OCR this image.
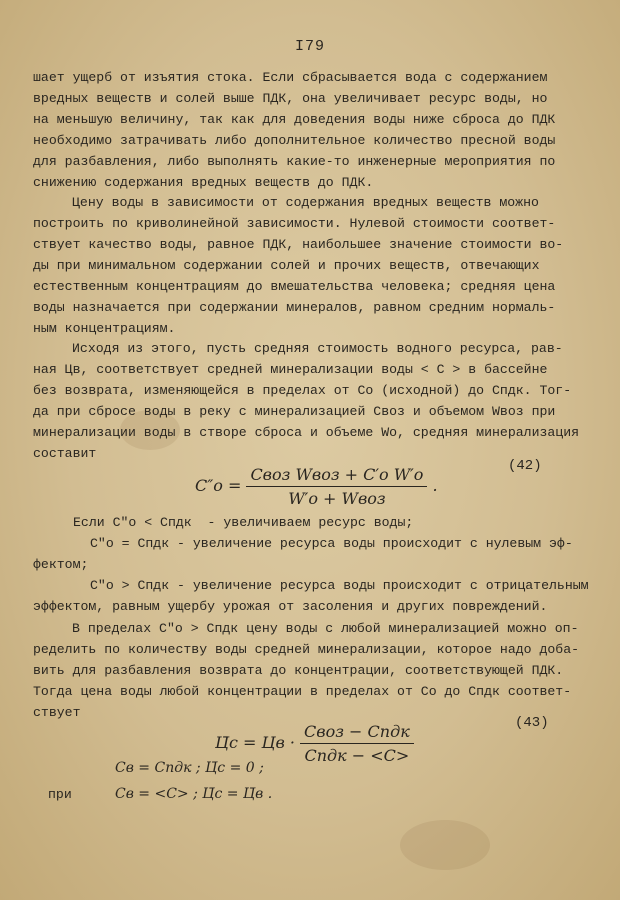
I79
шает ущерб от изъятия стока. Если сбрасывается вода с содержанием
вредных веществ и солей выше ПДК, она увеличивает ресурс воды, но
на меньшую величину, так как для доведения воды ниже сброса до ПДК
необходимо затрачивать либо дополнительное количество пресной воды
для разбавления, либо выполнять какие-то инженерные мероприятия по
снижению содержания вредных веществ до ПДК.
Цену воды в зависимости от содержания вредных веществ можно
построить по криволинейной зависимости. Нулевой стоимости соответ-
ствует качество воды, равное ПДК, наибольшее значение стоимости во-
ды при минимальном содержании солей и прочих веществ, отвечающих
естественным концентрациям до вмешательства человека; средняя цена
воды назначается при содержании минералов, равном средним нормаль-
ным концентрациям.
Исходя из этого, пусть средняя стоимость водного ресурса, рав-
ная Цв, соответствует средней минерализации воды < C > в бассейне
без возврата, изменяющейся в пределах от Co (исходной) до Cпдк. Тог-
да при сбросе воды в реку с минерализацией Cвоз и объемом Wвоз при
минерализации воды в створе сброса и объеме Wo, средняя минерализация
составит
$C''o = \frac{\text{Cвоз Wвоз + C′o W′o}}{\text{W′o + Wвоз}}$ .
(42)
Если C″o < Cпдк  - увеличиваем ресурс воды;
C″o = Cпдк - увеличение ресурса воды происходит с нулевым эф-
фектом;
C″o > Cпдк - увеличение ресурса воды происходит с отрицательным
эффектом, равным ущербу урожая от засоления и других повреждений.
В пределах C″o > Cпдк цену воды с любой минерализацией можно оп-
ределить по количеству воды средней минерализации, которое надо доба-
вить для разбавления возврата до концентрации, соответствующей ПДК.
Тогда цена воды любой концентрации в пределах от Со до Спдк соответ-
ствует
Ц̄c = Цв · $\frac{\text{Cвоз − Cпдк}}{\text{Cпдк − <C>}}$	(43)
Cв = Cпдк ; Ц̄c = 0 ;
при	Cв = <C> ; Ц̄c = Ц̄в .
